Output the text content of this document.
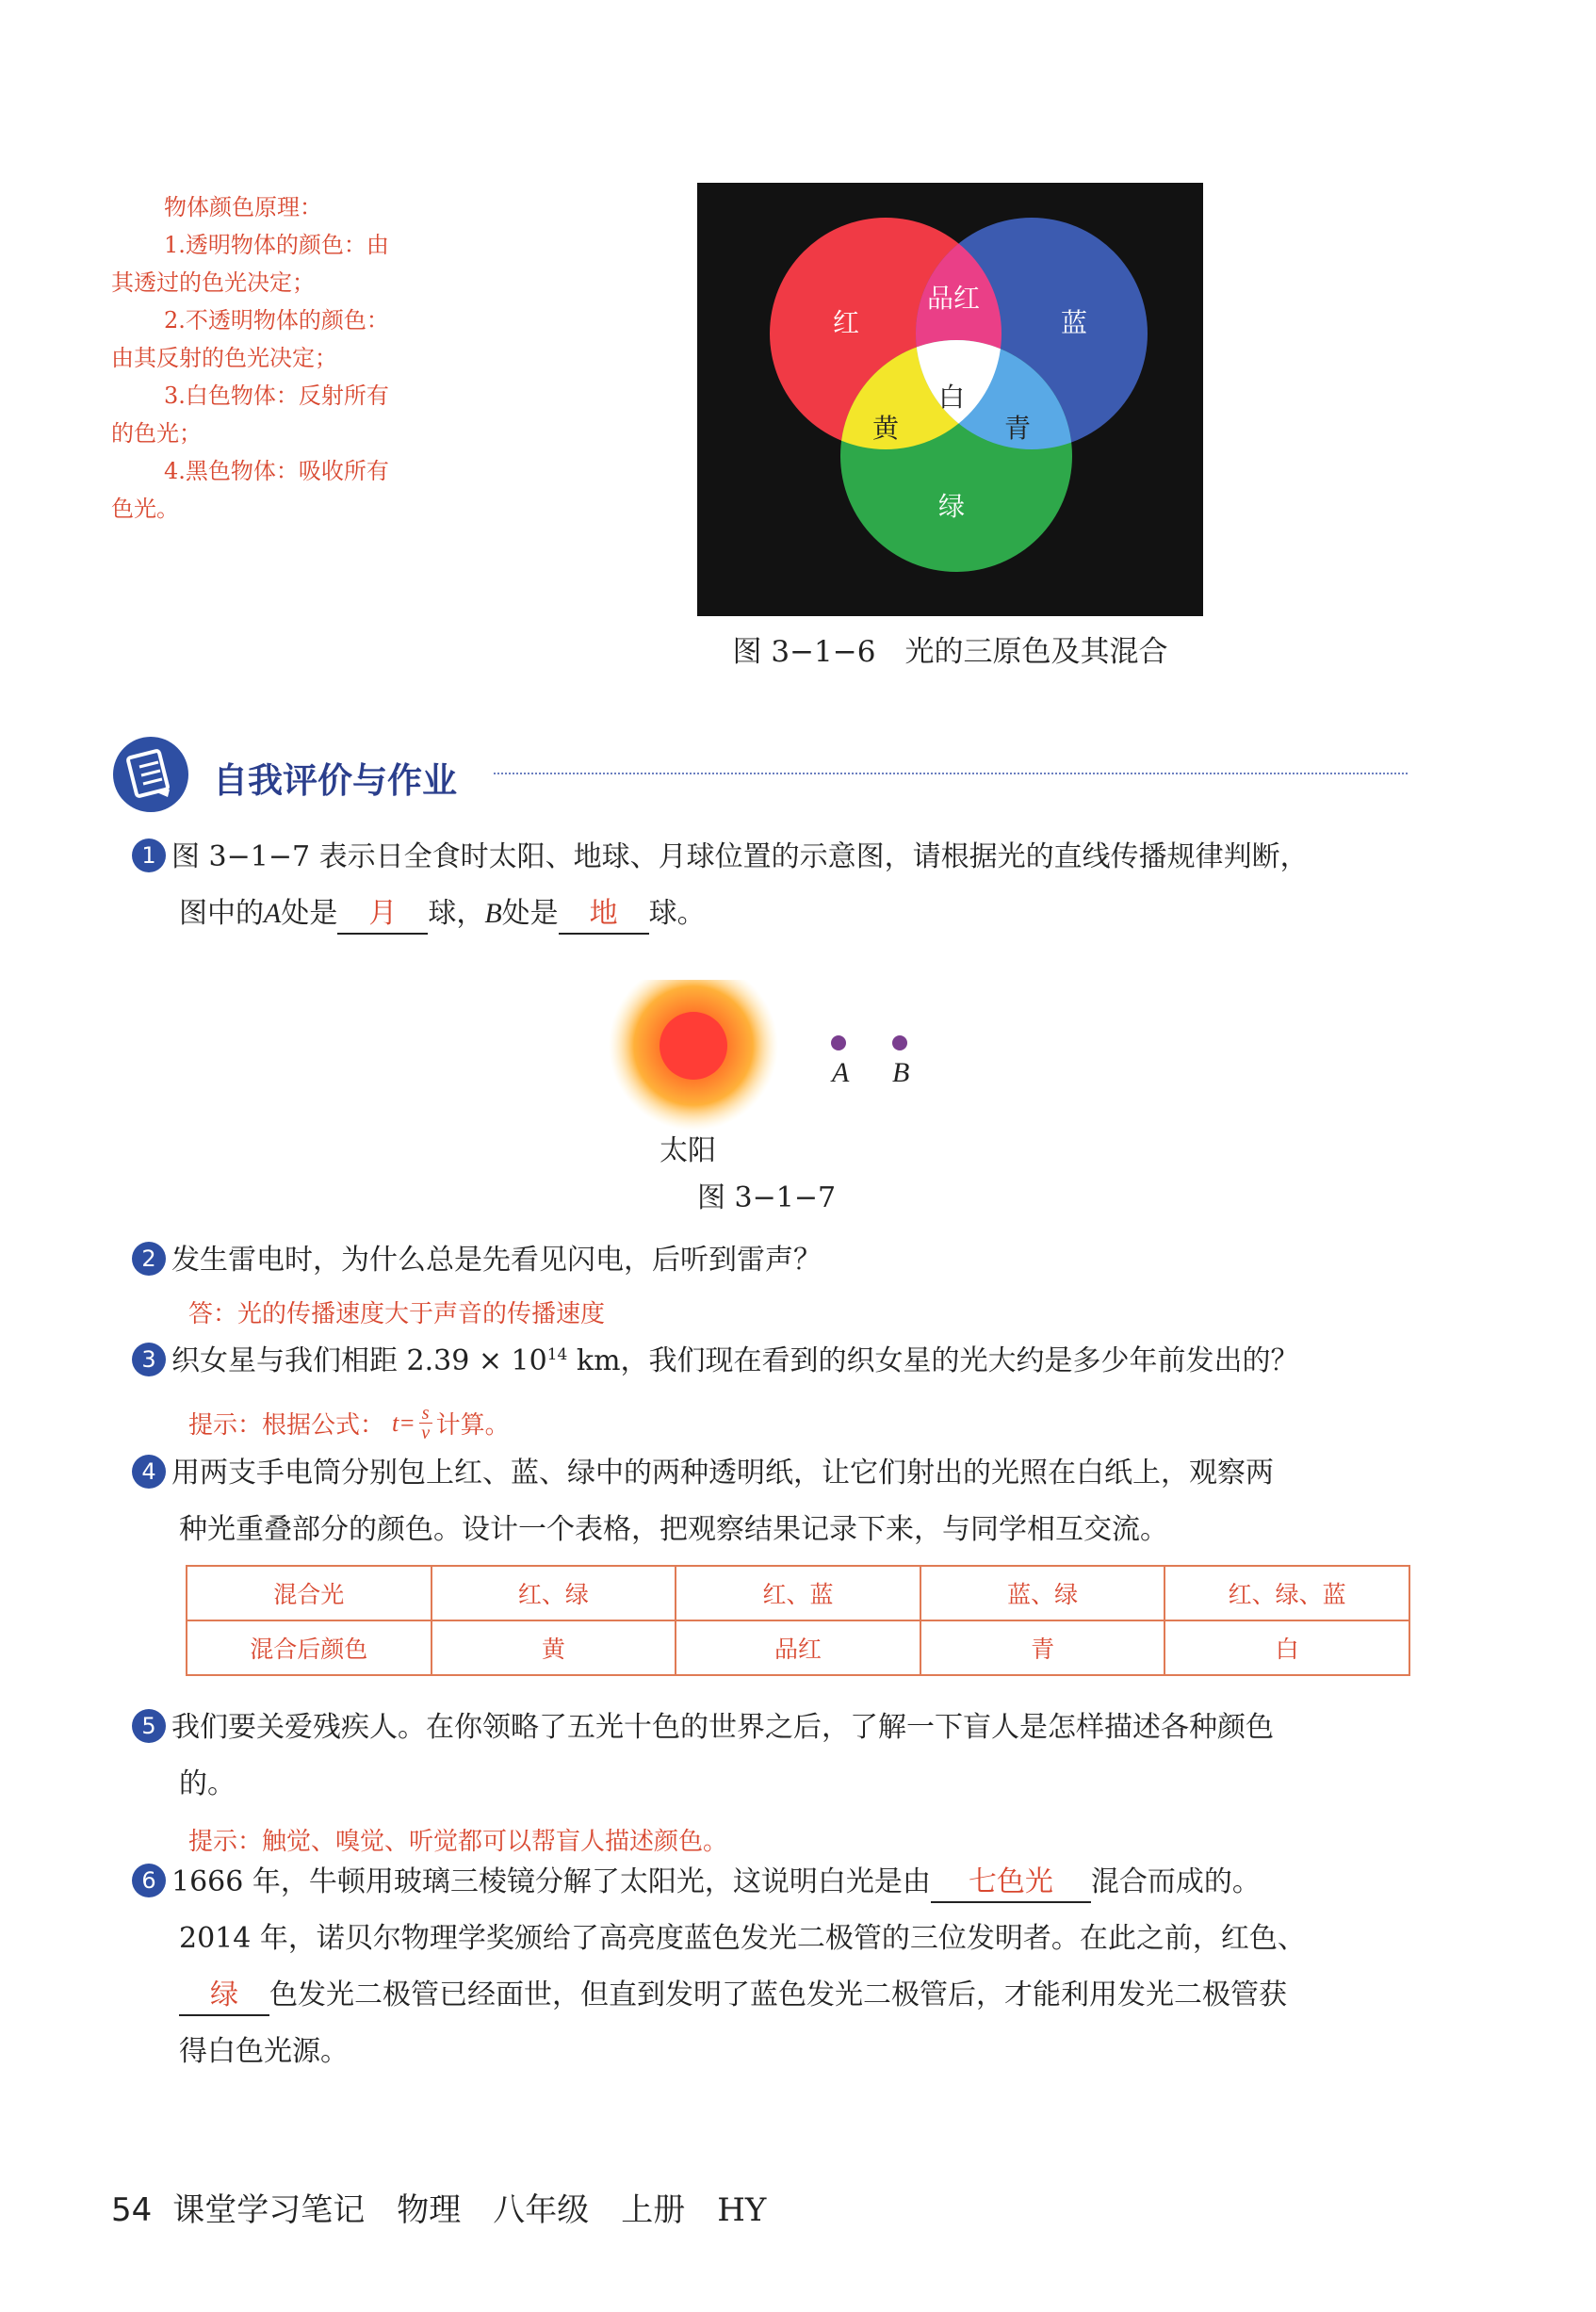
物体颜色原理：
1.透明物体的颜色：由
其透过的色光决定；
2.不透明物体的颜色：
由其反射的色光决定；
3.白色物体：反射所有
的色光；
4.黑色物体：吸收所有
色光。
红	蓝
品红
白
黄	青
绿
图 3−1−6　光的三原色及其混合
自我评价与作业
1 图 3−1−7 表示日全食时太阳、地球、月球位置的示意图，请根据光的直线传播规律判断，
图中的A处是 月 球，B处是 地 球。
A B
太阳
图 3−1−7
2 发生雷电时，为什么总是先看见闪电，后听到雷声？
答：光的传播速度大于声音的传播速度
3 织女星与我们相距 $2.39 \times 10^{14}$ km，我们现在看到的织女星的光大约是多少年前发出的？
提示：根据公式： $t= \frac{s}{v}$ 计算。
4 用两支手电筒分别包上红、蓝、绿中的两种透明纸，让它们射出的光照在白纸上，观察两
种光重叠部分的颜色。设计一个表格，把观察结果记录下来，与同学相互交流。
混合光	红、绿	红、蓝	蓝、绿	红、绿、蓝
混合后颜色	黄	品红	青	白
5 我们要关爱残疾人。在你领略了五光十色的世界之后，了解一下盲人是怎样描述各种颜色
的。
提示：触觉、嗅觉、听觉都可以帮盲人描述颜色。
6 1666 年，牛顿用玻璃三棱镜分解了太阳光，这说明白光是由 七色光 混合而成的。
2014 年，诺贝尔物理学奖颁给了高亮度蓝色发光二极管的三位发明者。在此之前，红色、
绿 色发光二极管已经面世，但直到发明了蓝色发光二极管后，才能利用发光二极管获
得白色光源。
54 课堂学习笔记　物理　八年级　上册　HY
